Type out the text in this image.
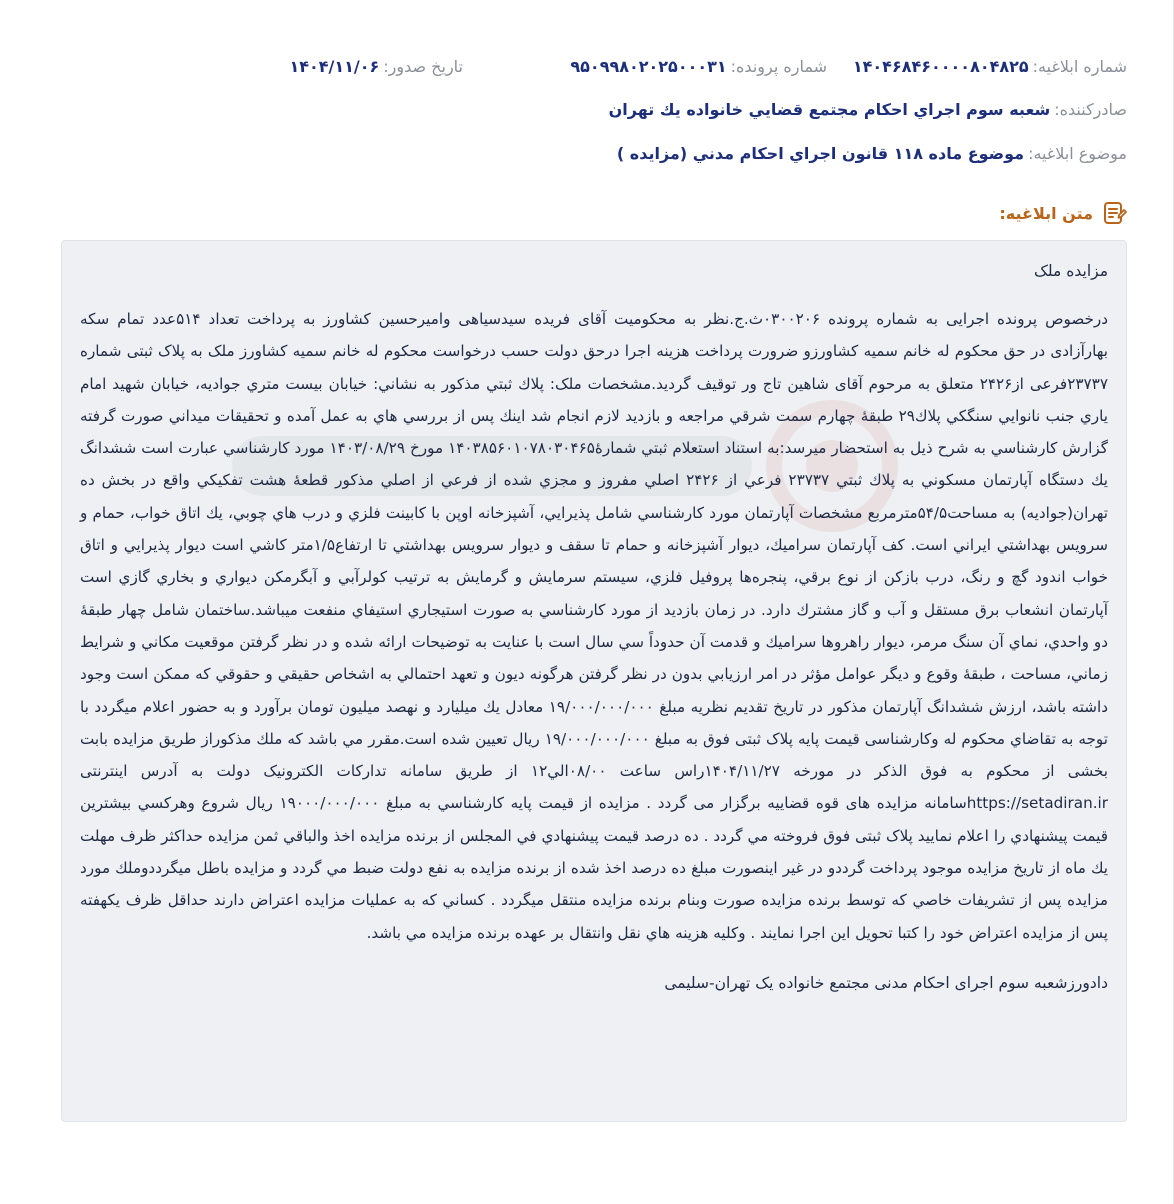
شماره ابلاغیه:
۱۴۰۴۶۸۴۶۰۰۰۰۸۰۴۸۲۵
شماره پرونده:
۹۵۰۹۹۸۰۲۰۲۵۰۰۰۳۱
تاریخ صدور:
۱۴۰۴/۱۱/۰۶
صادرکننده:
شعبه سوم اجراي احكام مجتمع قضايي خانواده يك تهران
موضوع ابلاغیه:
موضوع ماده ۱۱۸ قانون اجراي احكام مدني (مزايده )
متن ابلاغیه:

مزایده ملک

درخصوص پرونده اجرایی به شماره پرونده ۰۳۰۰۲۰۶ث.ج.نظر به محکومیت آقای فریده سیدسیاهی وامیرحسین کشاورز به پرداخت تعداد ۵۱۴عدد تمام سکه بهارآزادی در حق محکوم له خانم سمیه کشاورزو ضرورت پرداخت هزینه اجرا درحق دولت حسب درخواست محکوم له خانم سمیه کشاورز ملک به پلاک ثبتی شماره ۲۳۷۳۷فرعی از۲۴۲۶ متعلق به مرحوم آقای شاهین تاج ور توقیف گردید.مشخصات ملک: پلاك ثبتي مذكور به نشاني: خيابان بيست متري جواديه، خيابان شهيد امام ياري جنب نانوايي سنگكي پلاك۲۹ طبقۀ چهارم سمت شرقي مراجعه و بازديد لازم انجام شد اينك پس از بررسي هاي به عمل آمده و تحقيقات ميداني صورت گرفته گزارش كارشناسي به شرح ذيل به استحضار ميرسد:به استناد استعلام ثبتي شمارۀ۱۴۰۳۸۵۶۰۱۰۷۸۰۳۰۴۶۵ مورخ ۱۴۰۳/۰۸/۲۹ مورد كارشناسي عبارت است ششدانگ يك دستگاه آپارتمان مسكوني به پلاك ثبتي ۲۳۷۳۷ فرعي از ۲۴۲۶ اصلي مفروز و مجزي شده از فرعي از اصلي مذكور قطعۀ هشت تفكيكي واقع در بخش ده تهران(جواديه) به مساحت۵۴/۵مترمربع مشخصات آپارتمان مورد كارشناسي شامل پذيرايي، آشپزخانه اوپن با كابينت فلزي و درب هاي چوبي، يك اتاق خواب، حمام و سرويس بهداشتي ايراني است. كف آپارتمان سراميك، ديوار آشپزخانه و حمام تا سقف و ديوار سرويس بهداشتي تا ارتفاع۱/۵متر كاشي است ديوار پذيرايي و اتاق خواب اندود گچ و رنگ، درب بازكن از نوع برقي، پنجره‌ها پروفيل فلزي، سيستم سرمايش و گرمايش به ترتيب كولرآبي و آبگرمكن ديواري و بخاري گازي است آپارتمان انشعاب برق مستقل و آب و گاز مشترك دارد. در زمان بازديد از مورد كارشناسي به صورت استيجاري استيفاي منفعت ميباشد.ساختمان شامل چهار طبقۀ دو واحدي، نماي آن سنگ مرمر، ديوار راهروها سراميك و قدمت آن حدوداً سي سال است با عنايت به توضيحات ارائه شده و در نظر گرفتن موقعيت مكاني و شرايط زماني، مساحت ، طبقۀ وقوع و ديگر عوامل مؤثر در امر ارزيابي بدون در نظر گرفتن هرگونه ديون و تعهد احتمالي به اشخاص حقيقي و حقوقي كه ممكن است وجود داشته باشد، ارزش ششدانگ آپارتمان مذكور در تاريخ تقديم نظريه مبلغ ۱۹/۰۰۰/۰۰۰/۰۰۰ معادل يك ميليارد و نهصد ميليون تومان برآورد و به حضور اعلام ميگردد با توجه به تقاضاي محكوم له وكارشناسی قیمت پایه پلاک ثبتی فوق به مبلغ ۱۹/۰۰۰/۰۰۰/۰۰۰ ریال تعیین شده است.مقرر مي باشد كه ملك مذكوراز طريق مزايده بابت بخشی از محکوم به فوق الذکر در مورخه ۱۴۰۴/۱۱/۲۷راس ساعت ۰۸/۰۰الي۱۲ از طریق سامانه تدارکات الکترونیک دولت به آدرس اینترنتی https://setadiran.irسامانه مزایده های قوه قضاییه برگزار می گردد . مزايده از قيمت پايه كارشناسي به مبلغ ۱۹۰۰۰/۰۰۰/۰۰۰ ريال شروع وهركسي بيشترين قيمت پيشنهادي را اعلام نماييد پلاک ثبتی فوق فروخته مي گردد . ده درصد قيمت پيشنهادي في المجلس از برنده مزايده اخذ والباقي ثمن مزايده حداكثر ظرف مهلت يك ماه از تاريخ مزايده موجود پرداخت گرددو در غير اينصورت مبلغ ده درصد اخذ شده از برنده مزايده به نفع دولت ضبط مي گردد و مزايده باطل ميگرددوملك مورد مزايده پس از تشريفات خاصي كه توسط برنده مزايده صورت وبنام برنده مزايده منتقل ميگردد . كساني كه به عمليات مزايده اعتراض دارند حداقل ظرف يكهفته پس از مزايده اعتراض خود را كتبا تحويل اين اجرا نمايند . وكليه هزينه هاي نقل وانتقال بر عهده برنده مزايده مي باشد.

دادورزشعبه سوم اجرای احکام مدنی مجتمع خانواده یک تهران-سلیمی
